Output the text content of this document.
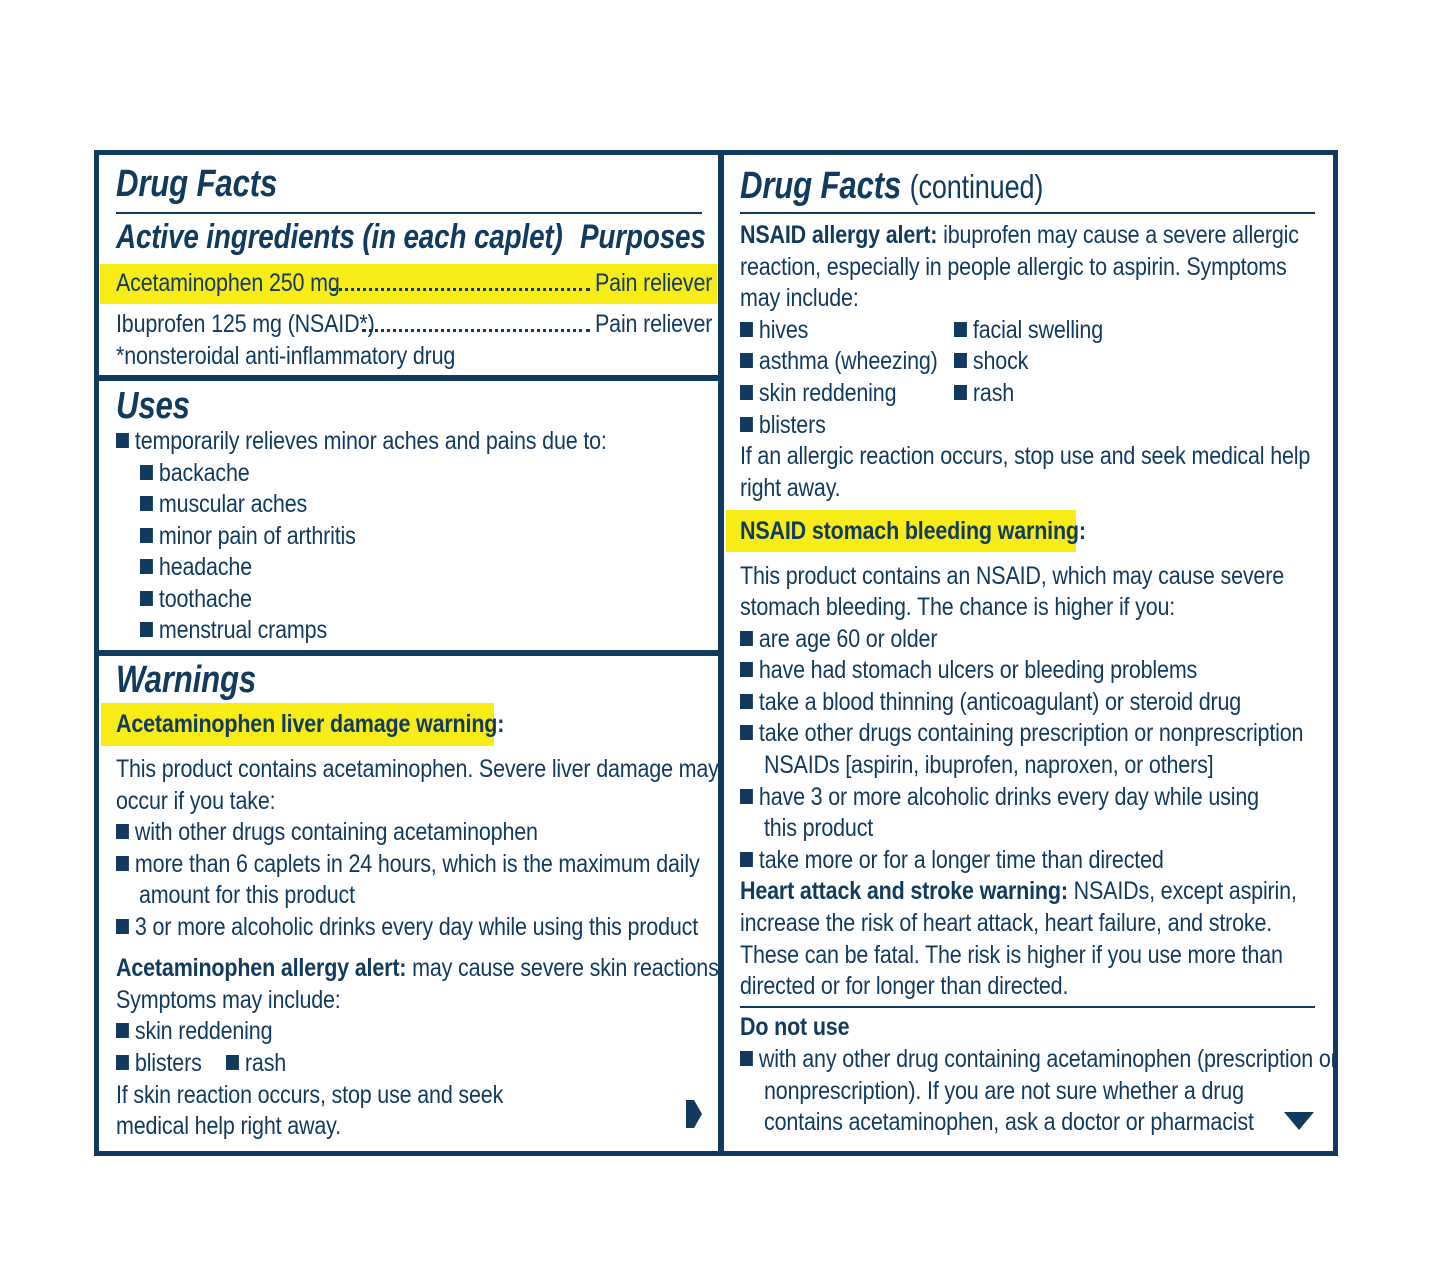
Drug Facts
Active ingredients (in each caplet) Purposes
Acetaminophen 250 mg	Pain reliever
Ibuprofen 125 mg (NSAID*)	Pain reliever
*nonsteroidal anti-inflammatory drug
Uses
temporarily relieves minor aches and pains due to:
backache
muscular aches
minor pain of arthritis
headache
toothache
menstrual cramps
Warnings
Acetaminophen liver damage warning:
This product contains acetaminophen. Severe liver damage may
occur if you take:
with other drugs containing acetaminophen
more than 6 caplets in 24 hours, which is the maximum daily
amount for this product
3 or more alcoholic drinks every day while using this product
Acetaminophen allergy alert: may cause severe skin reactions.
Symptoms may include:
skin reddening
blisters	rash
If skin reaction occurs, stop use and seek
medical help right away.
Drug Facts (continued)
NSAID allergy alert: ibuprofen may cause a severe allergic
reaction, especially in people allergic to aspirin. Symptoms
may include:
hives
asthma (wheezing)
skin reddening
blisters
facial swelling
shock
rash
If an allergic reaction occurs, stop use and seek medical help
right away.
NSAID stomach bleeding warning:
This product contains an NSAID, which may cause severe
stomach bleeding. The chance is higher if you:
are age 60 or older
have had stomach ulcers or bleeding problems
take a blood thinning (anticoagulant) or steroid drug
take other drugs containing prescription or nonprescription
NSAIDs [aspirin, ibuprofen, naproxen, or others]
have 3 or more alcoholic drinks every day while using
this product
take more or for a longer time than directed
Heart attack and stroke warning: NSAIDs, except aspirin,
increase the risk of heart attack, heart failure, and stroke.
These can be fatal. The risk is higher if you use more than
directed or for longer than directed.
Do not use
with any other drug containing acetaminophen (prescription or
nonprescription). If you are not sure whether a drug
contains acetaminophen, ask a doctor or pharmacist
